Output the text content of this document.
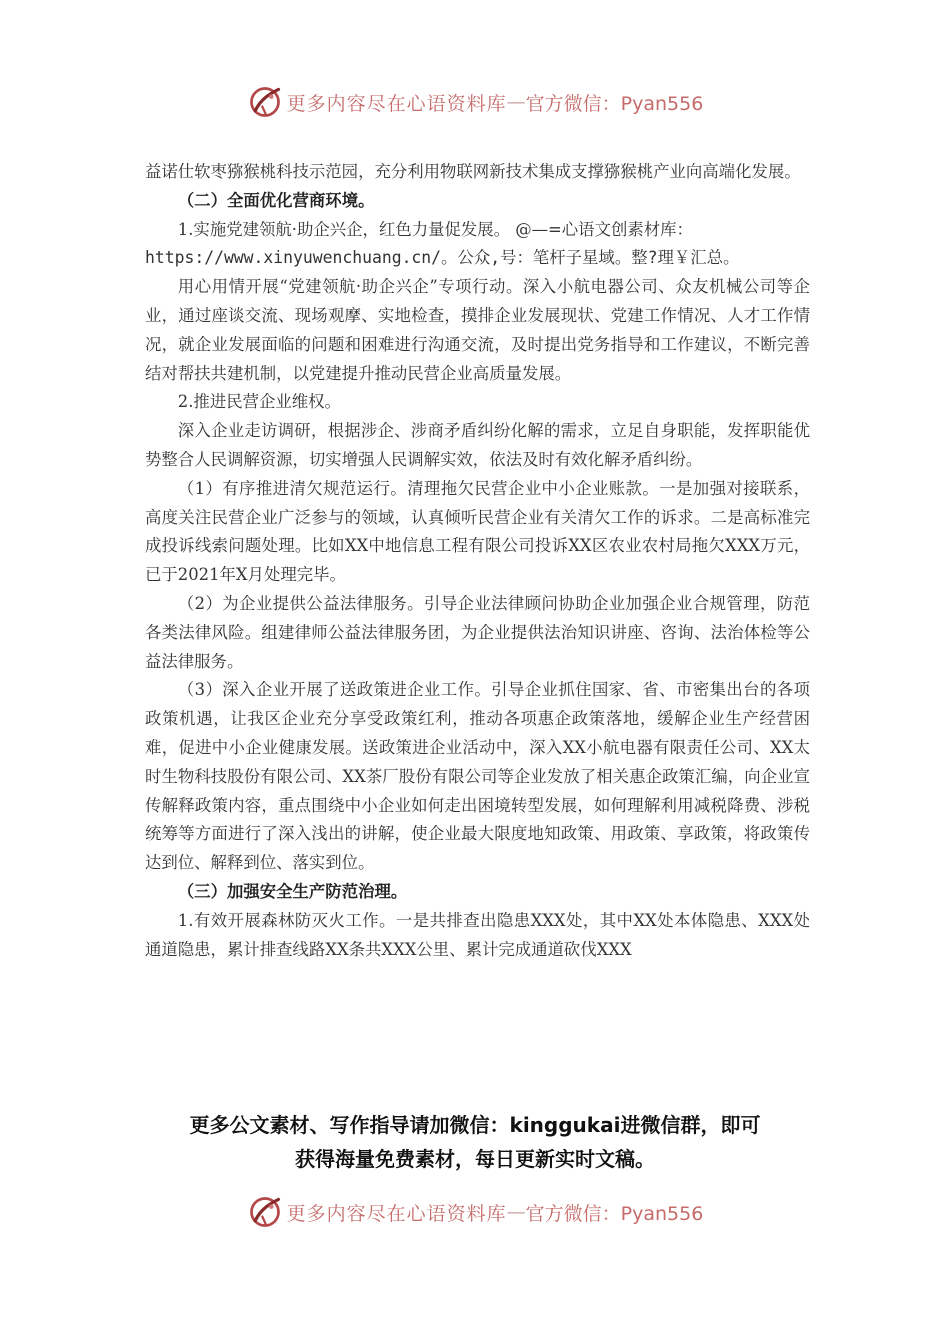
更多内容尽在心语资料库 — 官方微信：Pyan556

益诺仕软枣猕猴桃科技示范园，充分利用物联网新技术集成支撑猕猴桃产业向高端化发展。

（二）全面优化营商环境。

1.实施党建领航·助企兴企，红色力量促发展。 @—=心语文创素材库：

https://www.xinyuwenchuang.cn/。公众,号：笔杆子星域。整?理￥汇总。

用心用情开展“党建领航·助企兴企”专项行动。深入小航电器公司、众友机械公司等企业，通过座谈交流、现场观摩、实地检查，摸排企业发展现状、党建工作情况、人才工作情况，就企业发展面临的问题和困难进行沟通交流，及时提出党务指导和工作建议，不断完善结对帮扶共建机制，以党建提升推动民营企业高质量发展。

2.推进民营企业维权。

深入企业走访调研，根据涉企、涉商矛盾纠纷化解的需求，立足自身职能，发挥职能优势整合人民调解资源，切实增强人民调解实效，依法及时有效化解矛盾纠纷。

（1）有序推进清欠规范运行。清理拖欠民营企业中小企业账款。一是加强对接联系，高度关注民营企业广泛参与的领域，认真倾听民营企业有关清欠工作的诉求。二是高标准完成投诉线索问题处理。比如XX中地信息工程有限公司投诉XX区农业农村局拖欠XXX万元，已于2021年X月处理完毕。

（2）为企业提供公益法律服务。引导企业法律顾问协助企业加强企业合规管理，防范各类法律风险。组建律师公益法律服务团，为企业提供法治知识讲座、咨询、法治体检等公益法律服务。

（3）深入企业开展了送政策进企业工作。引导企业抓住国家、省、市密集出台的各项政策机遇，让我区企业充分享受政策红利，推动各项惠企政策落地，缓解企业生产经营困难，促进中小企业健康发展。送政策进企业活动中，深入XX小航电器有限责任公司、XX太时生物科技股份有限公司、XX茶厂股份有限公司等企业发放了相关惠企政策汇编，向企业宣传解释政策内容，重点围绕中小企业如何走出困境转型发展，如何理解利用减税降费、涉税统筹等方面进行了深入浅出的讲解，使企业最大限度地知政策、用政策、享政策，将政策传达到位、解释到位、落实到位。

（三）加强安全生产防范治理。

1.有效开展森林防灭火工作。一是共排查出隐患XXX处，其中XX处本体隐患、XXX处通道隐患，累计排查线路XX条共XXX公里、累计完成通道砍伐XXX

更多公文素材、写作指导请加微信：kinggukai进微信群，即可
获得海量免费素材，每日更新实时文稿。
更多内容尽在心语资料库 — 官方微信：Pyan556
